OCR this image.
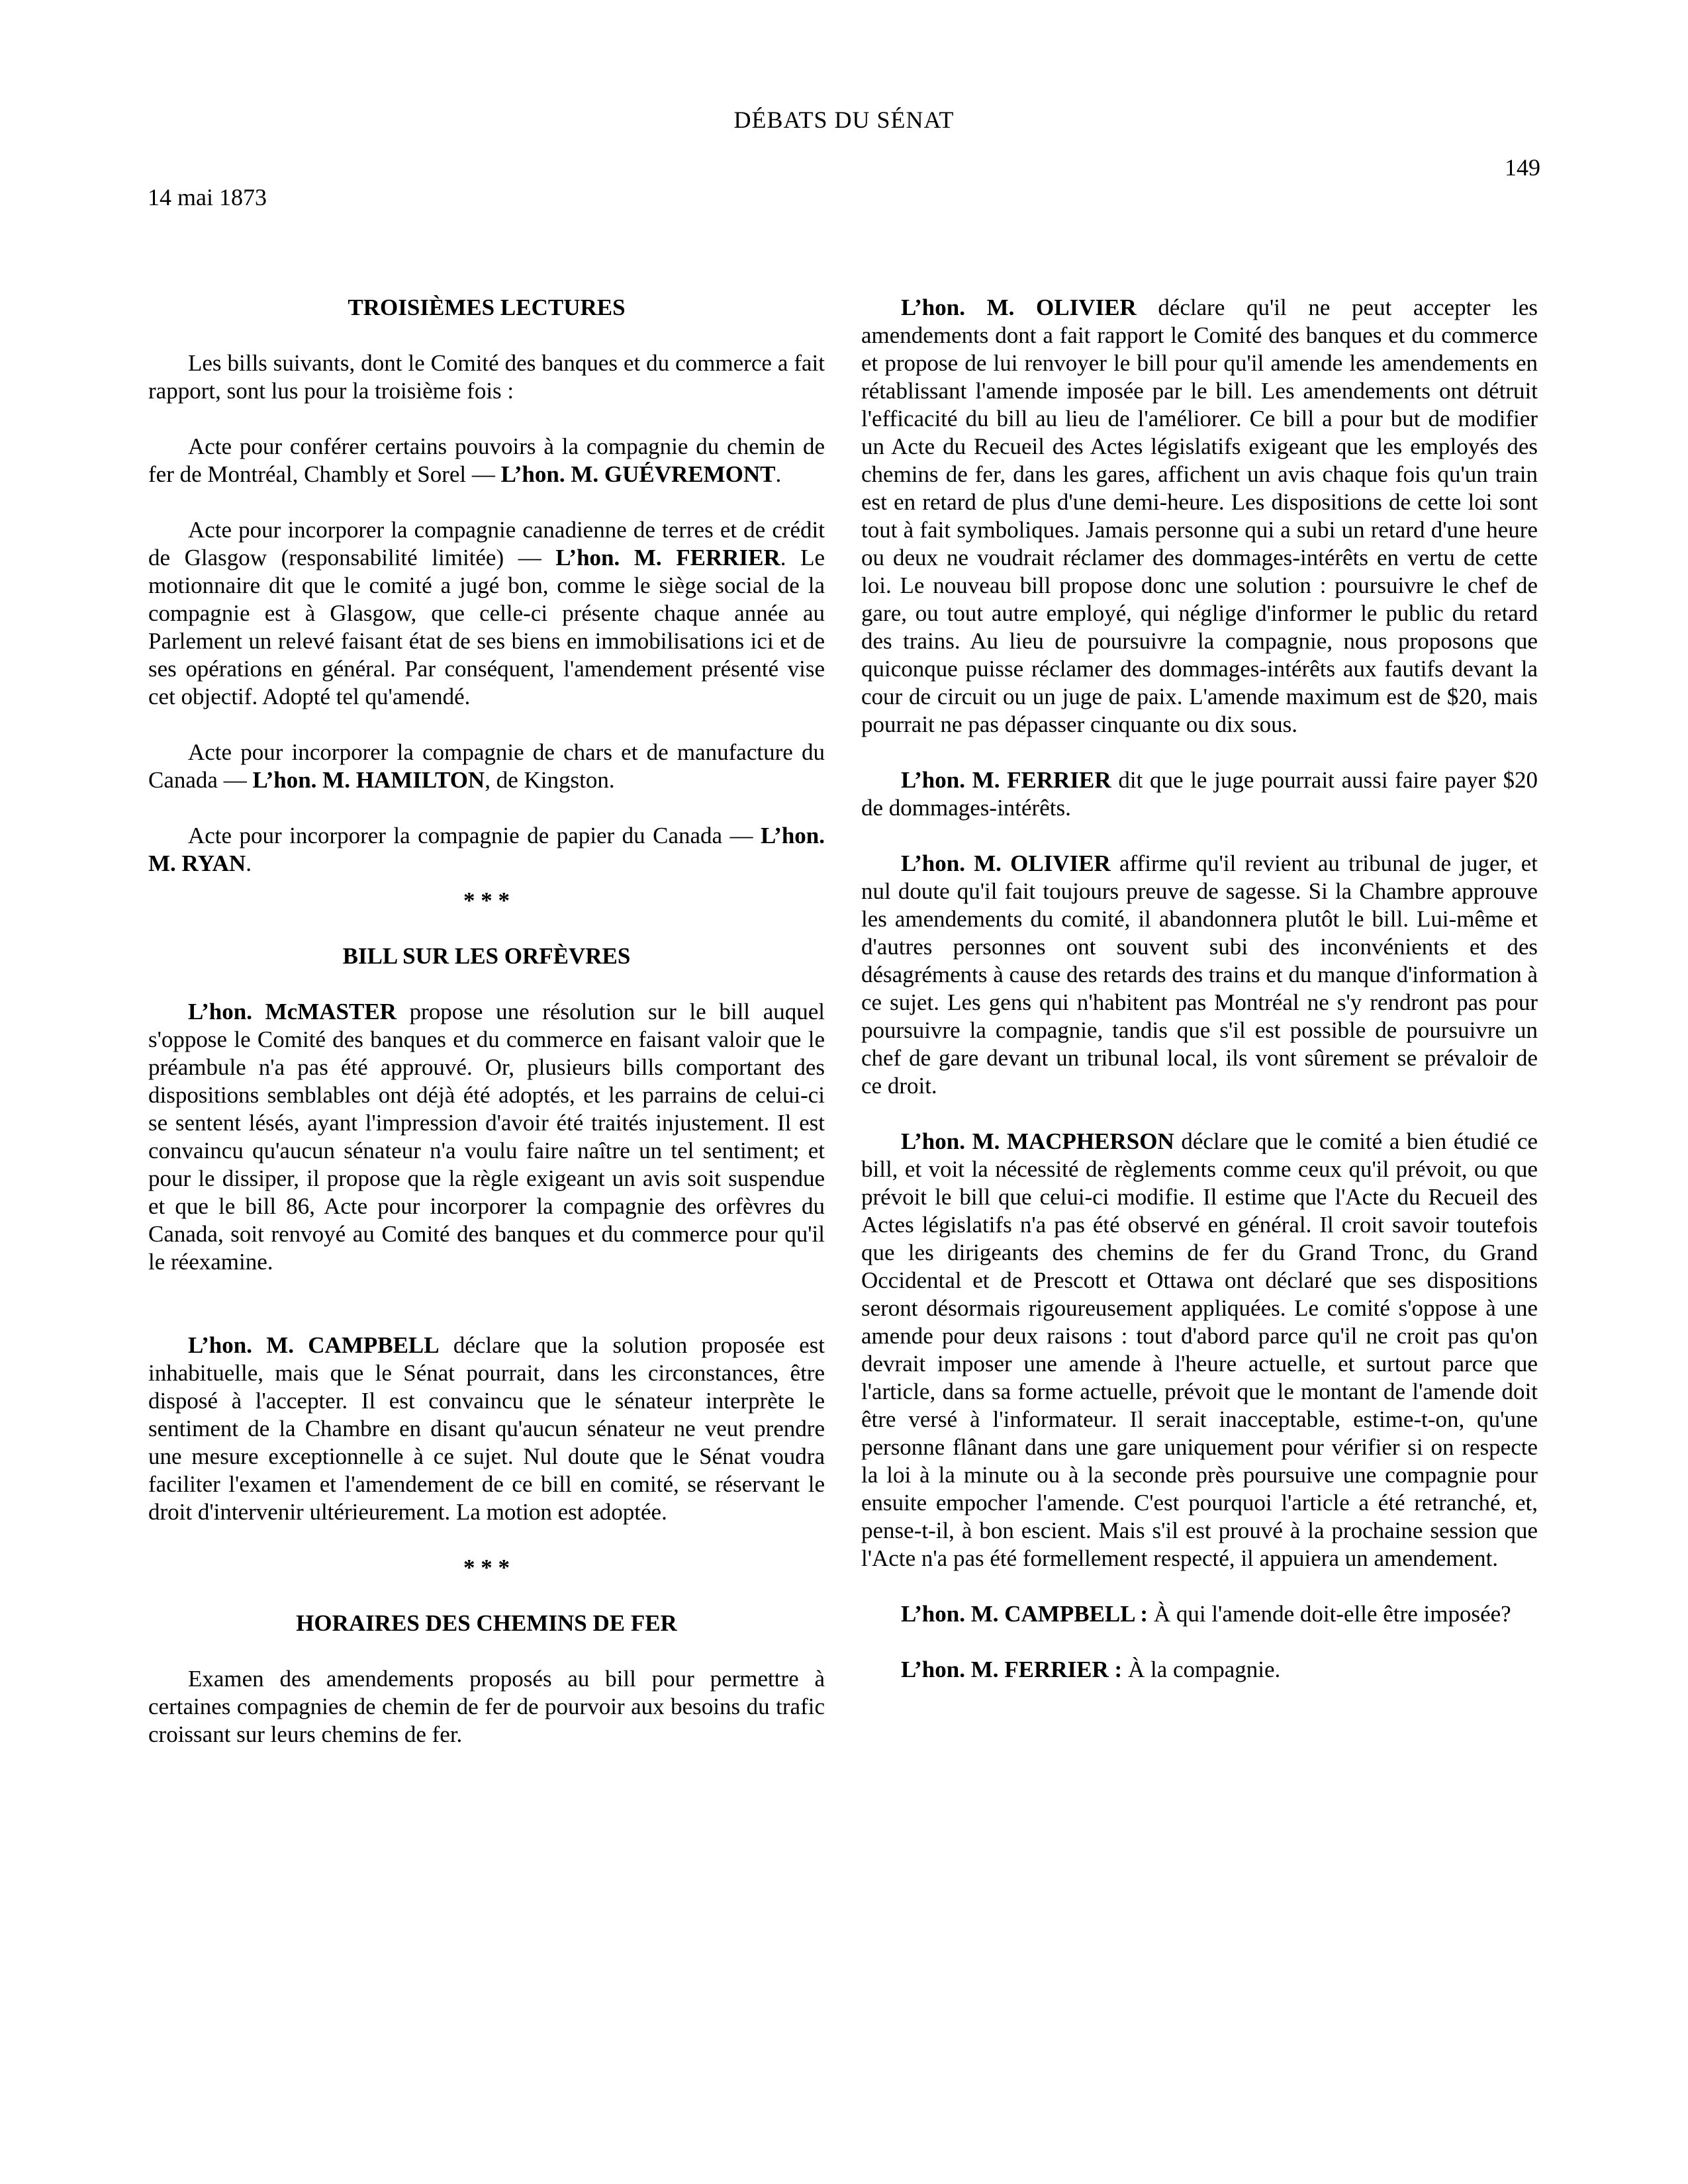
DÉBATS DU SÉNAT
149
14 mai 1873
TROISIÈMES LECTURES

Les bills suivants, dont le Comité des banques et du commerce a fait rapport, sont lus pour la troisième fois :

Acte pour conférer certains pouvoirs à la compagnie du chemin de fer de Montréal, Chambly et Sorel — L’hon. M. GUÉVREMONT.

Acte pour incorporer la compagnie canadienne de terres et de crédit de Glasgow (responsabilité limitée) — L’hon. M. FERRIER. Le motionnaire dit que le comité a jugé bon, comme le siège social de la compagnie est à Glasgow, que celle-ci présente chaque année au Parlement un relevé faisant état de ses biens en immobilisations ici et de ses opérations en général. Par conséquent, l'amendement présenté vise cet objectif. Adopté tel qu'amendé.

Acte pour incorporer la compagnie de chars et de manufacture du Canada — L’hon. M. HAMILTON, de Kingston.

Acte pour incorporer la compagnie de papier du Canada — L’hon. M. RYAN.

* * *
BILL SUR LES ORFÈVRES

L’hon. McMASTER propose une résolution sur le bill auquel s'oppose le Comité des banques et du commerce en faisant valoir que le préambule n'a pas été approuvé. Or, plusieurs bills comportant des dispositions semblables ont déjà été adoptés, et les parrains de celui-ci se sentent lésés, ayant l'impression d'avoir été traités injustement. Il est convaincu qu'aucun sénateur n'a voulu faire naître un tel sentiment; et pour le dissiper, il propose que la règle exigeant un avis soit suspendue et que le bill 86, Acte pour incorporer la compagnie des orfèvres du Canada, soit renvoyé au Comité des banques et du commerce pour qu'il le réexamine.

L’hon. M. CAMPBELL déclare que la solution proposée est inhabituelle, mais que le Sénat pourrait, dans les circonstances, être disposé à l'accepter. Il est convaincu que le sénateur interprète le sentiment de la Chambre en disant qu'aucun sénateur ne veut prendre une mesure exceptionnelle à ce sujet. Nul doute que le Sénat voudra faciliter l'examen et l'amendement de ce bill en comité, se réservant le droit d'intervenir ultérieurement. La motion est adoptée.

* * *
HORAIRES DES CHEMINS DE FER

Examen des amendements proposés au bill pour permettre à certaines compagnies de chemin de fer de pourvoir aux besoins du trafic croissant sur leurs chemins de fer.

L’hon. M. OLIVIER déclare qu'il ne peut accepter les amendements dont a fait rapport le Comité des banques et du commerce et propose de lui renvoyer le bill pour qu'il amende les amendements en rétablissant l'amende imposée par le bill. Les amendements ont détruit l'efficacité du bill au lieu de l'améliorer. Ce bill a pour but de modifier un Acte du Recueil des Actes législatifs exigeant que les employés des chemins de fer, dans les gares, affichent un avis chaque fois qu'un train est en retard de plus d'une demi-heure. Les dispositions de cette loi sont tout à fait symboliques. Jamais personne qui a subi un retard d'une heure ou deux ne voudrait réclamer des dommages-intérêts en vertu de cette loi. Le nouveau bill propose donc une solution : poursuivre le chef de gare, ou tout autre employé, qui néglige d'informer le public du retard des trains. Au lieu de poursuivre la compagnie, nous proposons que quiconque puisse réclamer des dommages-intérêts aux fautifs devant la cour de circuit ou un juge de paix. L'amende maximum est de $20, mais pourrait ne pas dépasser cinquante ou dix sous.

L’hon. M. FERRIER dit que le juge pourrait aussi faire payer $20 de dommages-intérêts.

L’hon. M. OLIVIER affirme qu'il revient au tribunal de juger, et nul doute qu'il fait toujours preuve de sagesse. Si la Chambre approuve les amendements du comité, il abandonnera plutôt le bill. Lui-même et d'autres personnes ont souvent subi des inconvénients et des désagréments à cause des retards des trains et du manque d'information à ce sujet. Les gens qui n'habitent pas Montréal ne s'y rendront pas pour poursuivre la compagnie, tandis que s'il est possible de poursuivre un chef de gare devant un tribunal local, ils vont sûrement se prévaloir de ce droit.

L’hon. M. MACPHERSON déclare que le comité a bien étudié ce bill, et voit la nécessité de règlements comme ceux qu'il prévoit, ou que prévoit le bill que celui-ci modifie. Il estime que l'Acte du Recueil des Actes législatifs n'a pas été observé en général. Il croit savoir toutefois que les dirigeants des chemins de fer du Grand Tronc, du Grand Occidental et de Prescott et Ottawa ont déclaré que ses dispositions seront désormais rigoureusement appliquées. Le comité s'oppose à une amende pour deux raisons : tout d'abord parce qu'il ne croit pas qu'on devrait imposer une amende à l'heure actuelle, et surtout parce que l'article, dans sa forme actuelle, prévoit que le montant de l'amende doit être versé à l'informateur. Il serait inacceptable, estime-t-on, qu'une personne flânant dans une gare uniquement pour vérifier si on respecte la loi à la minute ou à la seconde près poursuive une compagnie pour ensuite empocher l'amende. C'est pourquoi l'article a été retranché, et, pense-t-il, à bon escient. Mais s'il est prouvé à la prochaine session que l'Acte n'a pas été formellement respecté, il appuiera un amendement.

L’hon. M. CAMPBELL : À qui l'amende doit-elle être imposée?

L’hon. M. FERRIER : À la compagnie.
